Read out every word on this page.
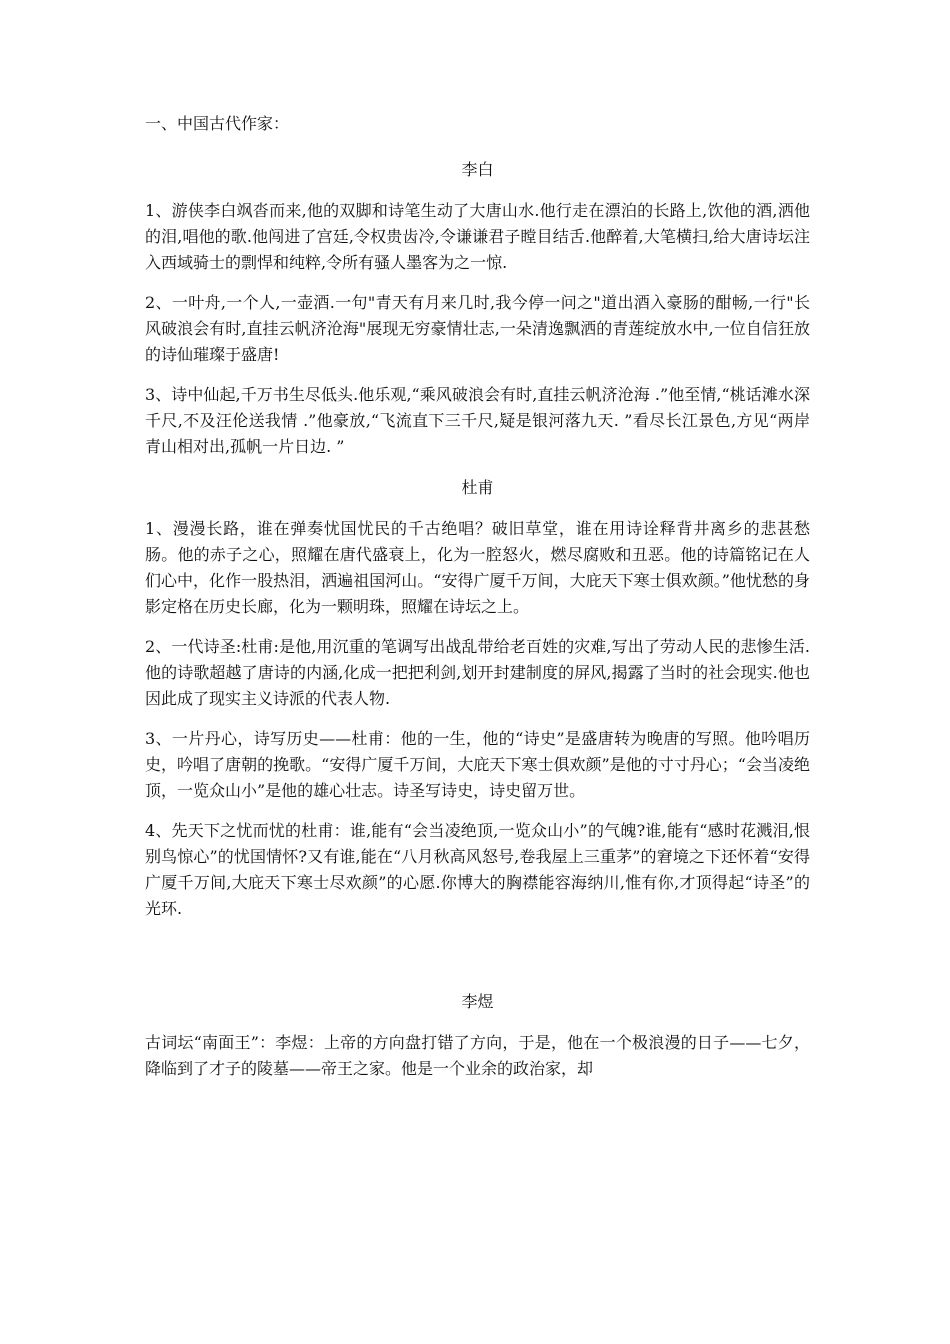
一、中国古代作家：
李白

1、游侠李白飒沓而来,他的双脚和诗笔生动了大唐山水.他行走在漂泊的长路上,饮他的酒,洒他的泪,唱他的歌.他闯进了宫廷,令权贵齿冷,令谦谦君子瞠目结舌.他醉着,大笔横扫,给大唐诗坛注入西域骑士的剽悍和纯粹,令所有骚人墨客为之一惊.

2、一叶舟,一个人,一壶酒.一句"青天有月来几时,我今停一问之"道出酒入豪肠的酣畅,一行"长风破浪会有时,直挂云帆济沧海"展现无穷豪情壮志,一朵清逸飘洒的青莲绽放水中,一位自信狂放的诗仙璀璨于盛唐!

3、诗中仙起,千万书生尽低头.他乐观,“乘风破浪会有时,直挂云帆济沧海 .”他至情,“桃话滩水深千尺,不及汪伦送我情 .”他豪放,“飞流直下三千尺,疑是银河落九天. ”看尽长江景色,方见“两岸青山相对出,孤帆一片日边. ”

杜甫

1、漫漫长路，谁在弹奏忧国忧民的千古绝唱？破旧草堂，谁在用诗诠释背井离乡的悲甚愁肠。他的赤子之心，照耀在唐代盛衰上，化为一腔怒火，燃尽腐败和丑恶。他的诗篇铭记在人们心中，化作一股热泪，洒遍祖国河山。“安得广厦千万间，大庇天下寒士俱欢颜。”他忧愁的身影定格在历史长廊，化为一颗明珠，照耀在诗坛之上。

2、一代诗圣:杜甫:是他,用沉重的笔调写出战乱带给老百姓的灾难,写出了劳动人民的悲惨生活.他的诗歌超越了唐诗的内涵,化成一把把利剑,划开封建制度的屏风,揭露了当时的社会现实.他也因此成了现实主义诗派的代表人物.

3、一片丹心，诗写历史——杜甫：他的一生，他的“诗史”是盛唐转为晚唐的写照。他吟唱历史，吟唱了唐朝的挽歌。“安得广厦千万间，大庇天下寒士俱欢颜”是他的寸寸丹心；“会当凌绝顶，一览众山小”是他的雄心壮志。诗圣写诗史，诗史留万世。

4、先天下之忧而忧的杜甫：谁,能有“会当凌绝顶,一览众山小”的气魄?谁,能有“感时花溅泪,恨别鸟惊心”的忧国情怀?又有谁,能在“八月秋高风怒号,卷我屋上三重茅”的窘境之下还怀着“安得广厦千万间,大庇天下寒士尽欢颜”的心愿.你博大的胸襟能容海纳川,惟有你,才顶得起“诗圣”的光环.

李煜

古词坛“南面王”：李煜：上帝的方向盘打错了方向，于是，他在一个极浪漫的日子——七夕，降临到了才子的陵墓——帝王之家。他是一个业余的政治家，却
